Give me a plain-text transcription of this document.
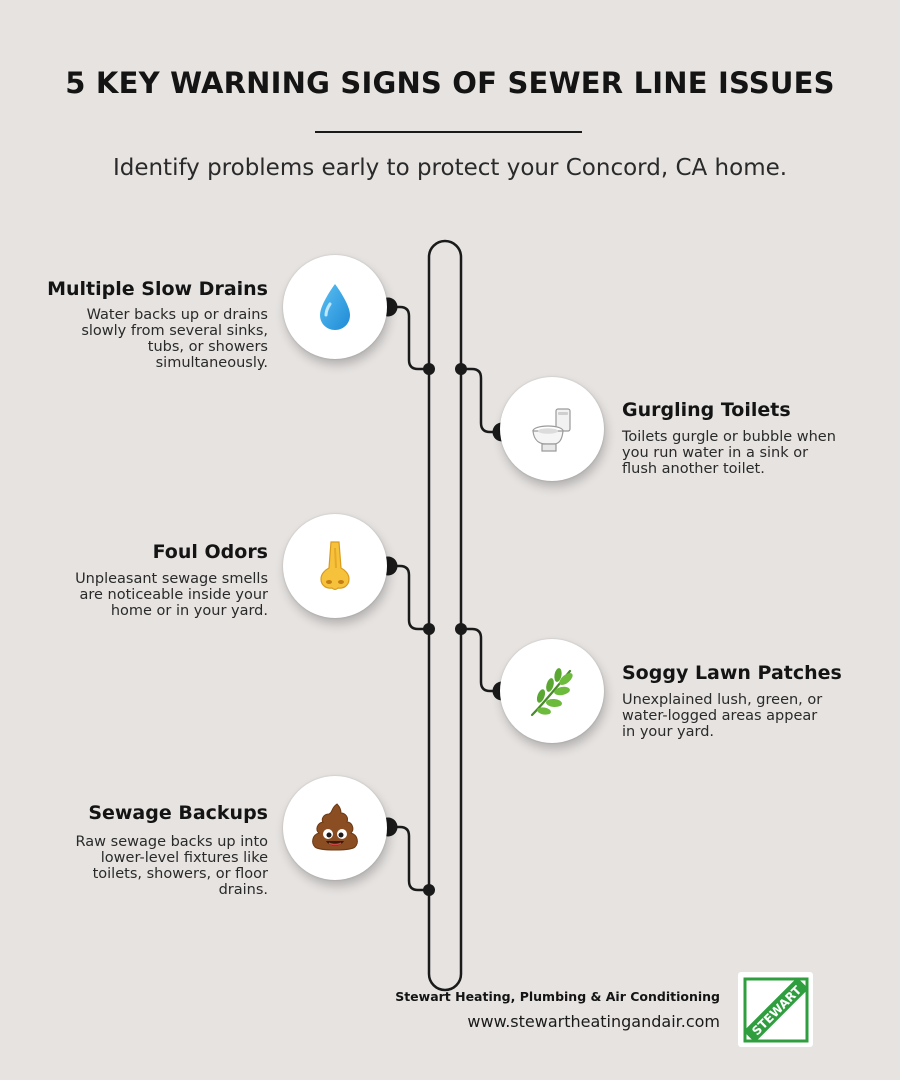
5 KEY WARNING SIGNS OF SEWER LINE ISSUES
Identify problems early to protect your Concord, CA home.
Multiple Slow Drains
Water backs up or drains slowly from several sinks, tubs, or showers simultaneously.
Gurgling Toilets
Toilets gurgle or bubble when you run water in a sink or flush another toilet.
Foul Odors
Unpleasant sewage smells are noticeable inside your home or in your yard.
Soggy Lawn Patches
Unexplained lush, green, or water-logged areas appear in your yard.
Sewage Backups
Raw sewage backs up into lower-level fixtures like toilets, showers, or floor drains.
Stewart Heating, Plumbing & Air Conditioning
www.stewartheatingandair.com STEWART
